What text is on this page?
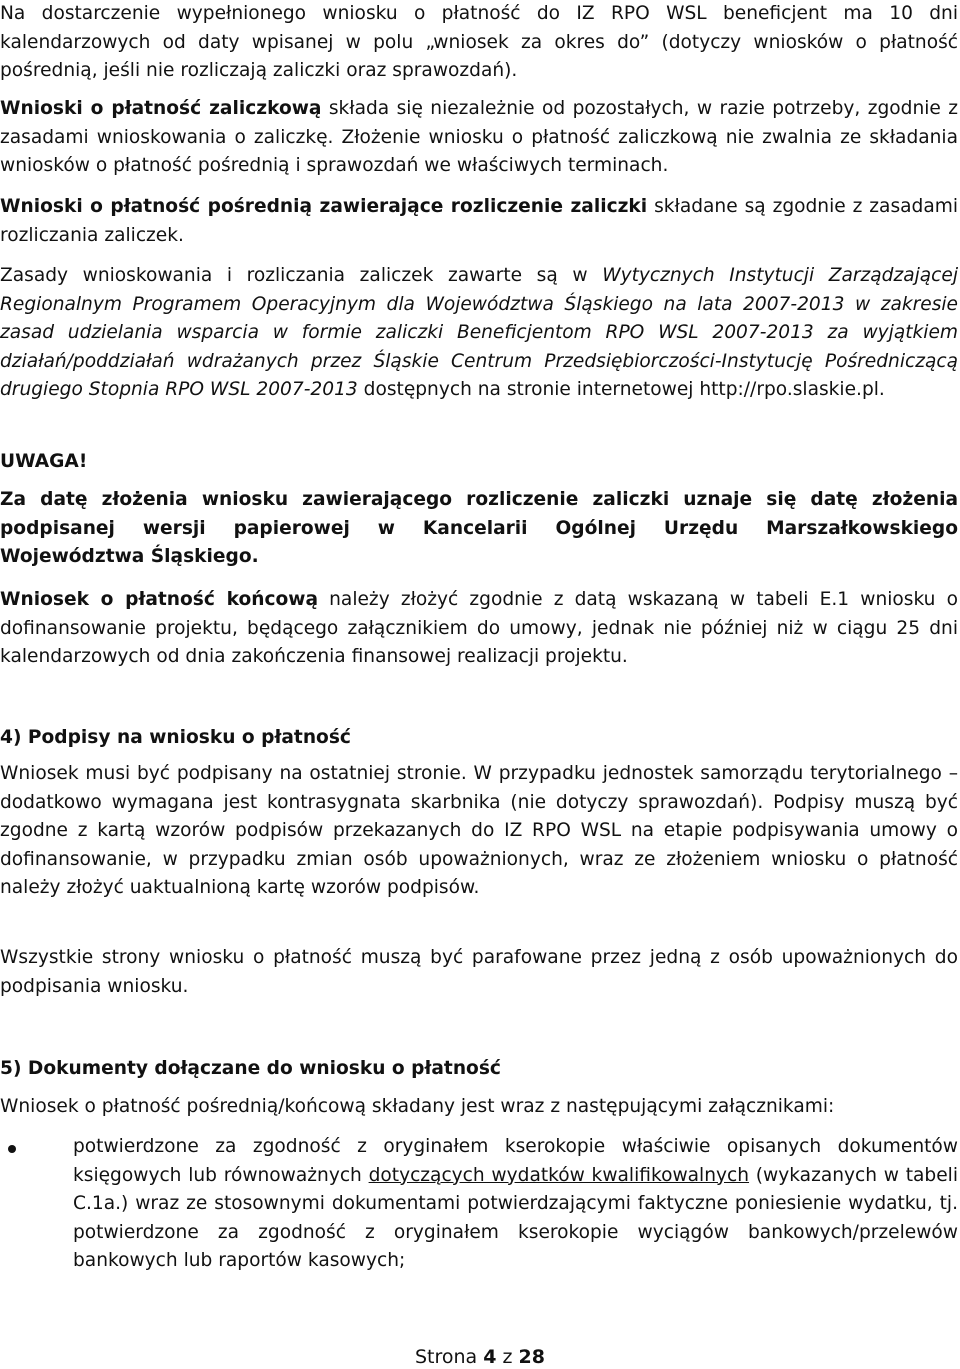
Na dostarczenie wypełnionego wniosku o płatność do IZ RPO WSL beneficjent ma 10 dni kalendarzowych od daty wpisanej w polu „wniosek za okres do” (dotyczy wniosków o płatność pośrednią, jeśli nie rozliczają zaliczki oraz sprawozdań).

Wnioski o płatność zaliczkową składa się niezależnie od pozostałych, w razie potrzeby, zgodnie z zasadami wnioskowania o zaliczkę. Złożenie wniosku o płatność zaliczkową nie zwalnia ze składania wniosków o płatność pośrednią i sprawozdań we właściwych terminach.

Wnioski o płatność pośrednią zawierające rozliczenie zaliczki składane są zgodnie z zasadami rozliczania zaliczek.

Zasady wnioskowania i rozliczania zaliczek zawarte są w Wytycznych Instytucji Zarządzającej Regionalnym Programem Operacyjnym dla Województwa Śląskiego na lata 2007-2013 w zakresie zasad udzielania wsparcia w formie zaliczki Beneficjentom RPO WSL 2007-2013 za wyjątkiem działań/poddziałań wdrażanych przez Śląskie Centrum Przedsiębiorczości-Instytucję Pośredniczącą drugiego Stopnia RPO WSL 2007-2013 dostępnych na stronie internetowej http://rpo.slaskie.pl.

UWAGA!

Za datę złożenia wniosku zawierającego rozliczenie zaliczki uznaje się datę złożenia podpisanej wersji papierowej w Kancelarii Ogólnej Urzędu Marszałkowskiego Województwa Śląskiego.

Wniosek o płatność końcową należy złożyć zgodnie z datą wskazaną w tabeli E.1 wniosku o dofinansowanie projektu, będącego załącznikiem do umowy, jednak nie później niż w ciągu 25 dni kalendarzowych od dnia zakończenia finansowej realizacji projektu.

4) Podpisy na wniosku o płatność

Wniosek musi być podpisany na ostatniej stronie. W przypadku jednostek samorządu terytorialnego – dodatkowo wymagana jest kontrasygnata skarbnika (nie dotyczy sprawozdań). Podpisy muszą być zgodne z kartą wzorów podpisów przekazanych do IZ RPO WSL na etapie podpisywania umowy o dofinansowanie, w przypadku zmian osób upoważnionych, wraz ze złożeniem wniosku o płatność należy złożyć uaktualnioną kartę wzorów podpisów.

Wszystkie strony wniosku o płatność muszą być parafowane przez jedną z osób upoważnionych do podpisania wniosku.

5) Dokumenty dołączane do wniosku o płatność

Wniosek o płatność pośrednią/końcową składany jest wraz z następującymi załącznikami:

potwierdzone za zgodność z oryginałem kserokopie właściwie opisanych dokumentów księgowych lub równoważnych dotyczących wydatków kwalifikowalnych (wykazanych w tabeli C.1a.) wraz ze stosownymi dokumentami potwierdzającymi faktyczne poniesienie wydatku, tj. potwierdzone za zgodność z oryginałem kserokopie wyciągów bankowych/przelewów bankowych lub raportów kasowych;

Strona 4 z 28
